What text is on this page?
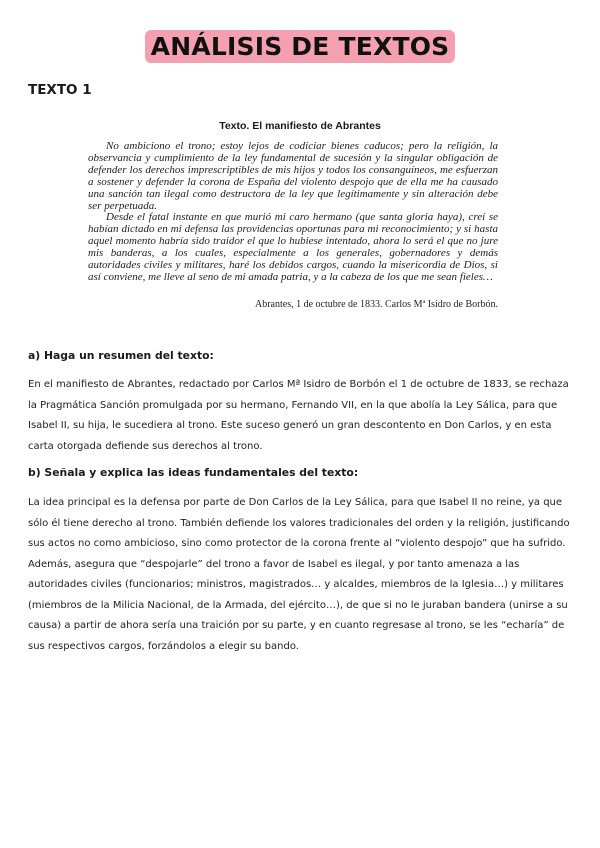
ANÁLISIS DE TEXTOS
TEXTO 1
Texto. El manifiesto de Abrantes

No ambiciono el trono; estoy lejos de codiciar bienes caducos; pero la religión, la observancia y cumplimiento de la ley fundamental de sucesión y la singular obligación de defender los derechos imprescriptibles de mis hijos y todos los consanguíneos, me esfuerzan a sostener y defender la corona de España del violento despojo que de ella me ha causado una sanción tan ilegal como destructora de la ley que legítimamente y sin alteración debe ser perpetuada.

Desde el fatal instante en que murió mi caro hermano (que santa gloria haya), creí se habían dictado en mi defensa las providencias oportunas para mi reconocimiento; y si hasta aquel momento habría sido traidor el que lo hubiese intentado, ahora lo será el que no jure mis banderas, a los cuales, especialmente a los generales, gobernadores y demás autoridades civiles y militares, haré los debidos cargos, cuando la misericordia de Dios, si así conviene, me lleve al seno de mi amada patria, y a la cabeza de los que me sean fieles…

Abrantes, 1 de octubre de 1833. Carlos Mª Isidro de Borbón.
a) Haga un resumen del texto:

En el manifiesto de Abrantes, redactado por Carlos Mª Isidro de Borbón el 1 de octubre de 1833, se rechaza la Pragmática Sanción promulgada por su hermano, Fernando VII, en la que abolía la Ley Sálica, para que Isabel II, su hija, le sucediera al trono. Este suceso generó un gran descontento en Don Carlos, y en esta carta otorgada defiende sus derechos al trono.

b) Señala y explica las ideas fundamentales del texto:

La idea principal es la defensa por parte de Don Carlos de la Ley Sálica, para que Isabel II no reine, ya que sólo él tiene derecho al trono. También defiende los valores tradicionales del orden y la religión, justificando sus actos no como ambicioso, sino como protector de la corona frente al “violento despojo” que ha sufrido. Además, asegura que “despojarle” del trono a favor de Isabel es ilegal, y por tanto amenaza a las autoridades civiles (funcionarios; ministros, magistrados… y alcaldes, miembros de la Iglesia…) y militares (miembros de la Milicia Nacional, de la Armada, del ejército…), de que si no le juraban bandera (unirse a su causa) a partir de ahora sería una traición por su parte, y en cuanto regresase al trono, se les “echaría” de sus respectivos cargos, forzándolos a elegir su bando.
